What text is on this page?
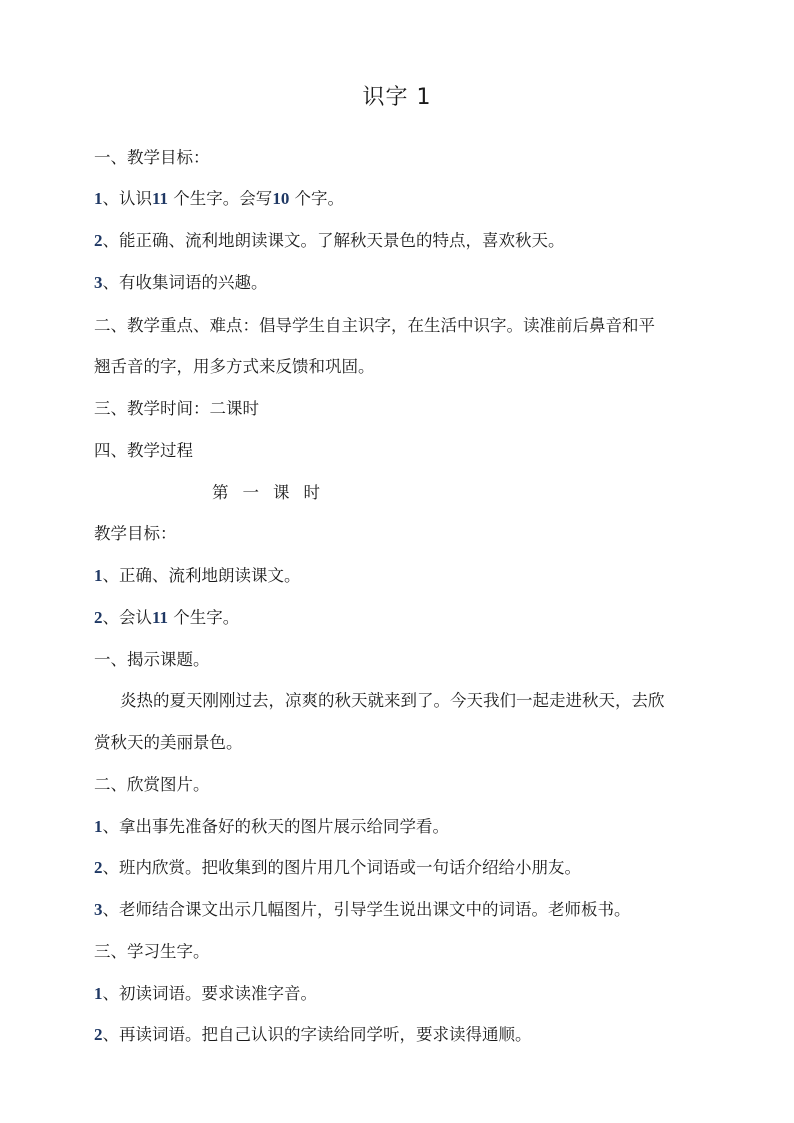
识字 1
一、教学目标：
1、认识11 个生字。会写10 个字。
2、能正确、流利地朗读课文。了解秋天景色的特点，喜欢秋天。
3、有收集词语的兴趣。
二、教学重点、难点：倡导学生自主识字，在生活中识字。读准前后鼻音和平
翘舌音的字，用多方式来反馈和巩固。
三、教学时间：二课时
四、教学过程
第一课时
教学目标：
1、正确、流利地朗读课文。
2、会认11 个生字。
一、揭示课题。
炎热的夏天刚刚过去，凉爽的秋天就来到了。今天我们一起走进秋天，去欣
赏秋天的美丽景色。
二、欣赏图片。
1、拿出事先准备好的秋天的图片展示给同学看。
2、班内欣赏。把收集到的图片用几个词语或一句话介绍给小朋友。
3、老师结合课文出示几幅图片，引导学生说出课文中的词语。老师板书。
三、学习生字。
1、初读词语。要求读准字音。
2、再读词语。把自己认识的字读给同学听，要求读得通顺。
